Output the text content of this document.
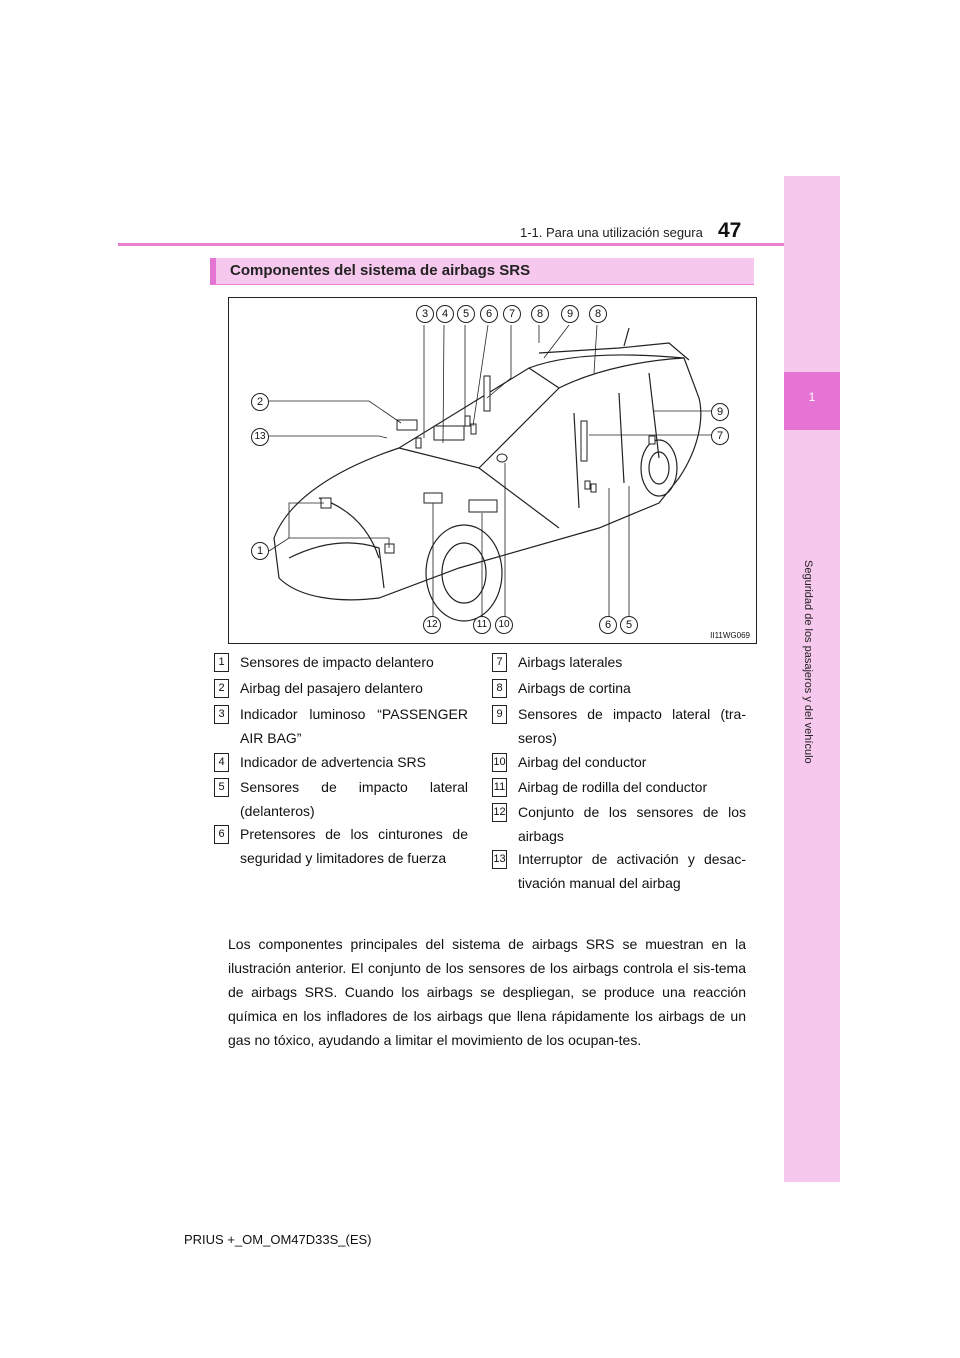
1-1. Para una utilización segura 47
1
Seguridad de los pasajeros y del vehículo
Componentes del sistema de airbags SRS
II11WG069
3	4	5	6	7	8	9	8
2
9
13	7
1
12	11	10	6	5
1	Sensores de impacto delantero
2	Airbag del pasajero delantero
3	Indicador luminoso “PASSENGER AIR BAG”
4	Indicador de advertencia SRS
5	Sensores de impacto lateral (delanteros)
6	Pretensores de los cinturones de seguridad y limitadores de fuerza
7	Airbags laterales
8	Airbags de cortina
9	Sensores de impacto lateral (tra-seros)
10 Airbag del conductor
11 Airbag de rodilla del conductor
12 Conjunto de los sensores de los airbags
13 Interruptor de activación y desac-tivación manual del airbag
Los componentes principales del sistema de airbags SRS se muestran en la ilustración anterior. El conjunto de los sensores de los airbags controla el sis-tema de airbags SRS. Cuando los airbags se despliegan, se produce una reacción química en los infladores de los airbags que llena rápidamente los airbags de un gas no tóxico, ayudando a limitar el movimiento de los ocupan-tes.
PRIUS +_OM_OM47D33S_(ES)
